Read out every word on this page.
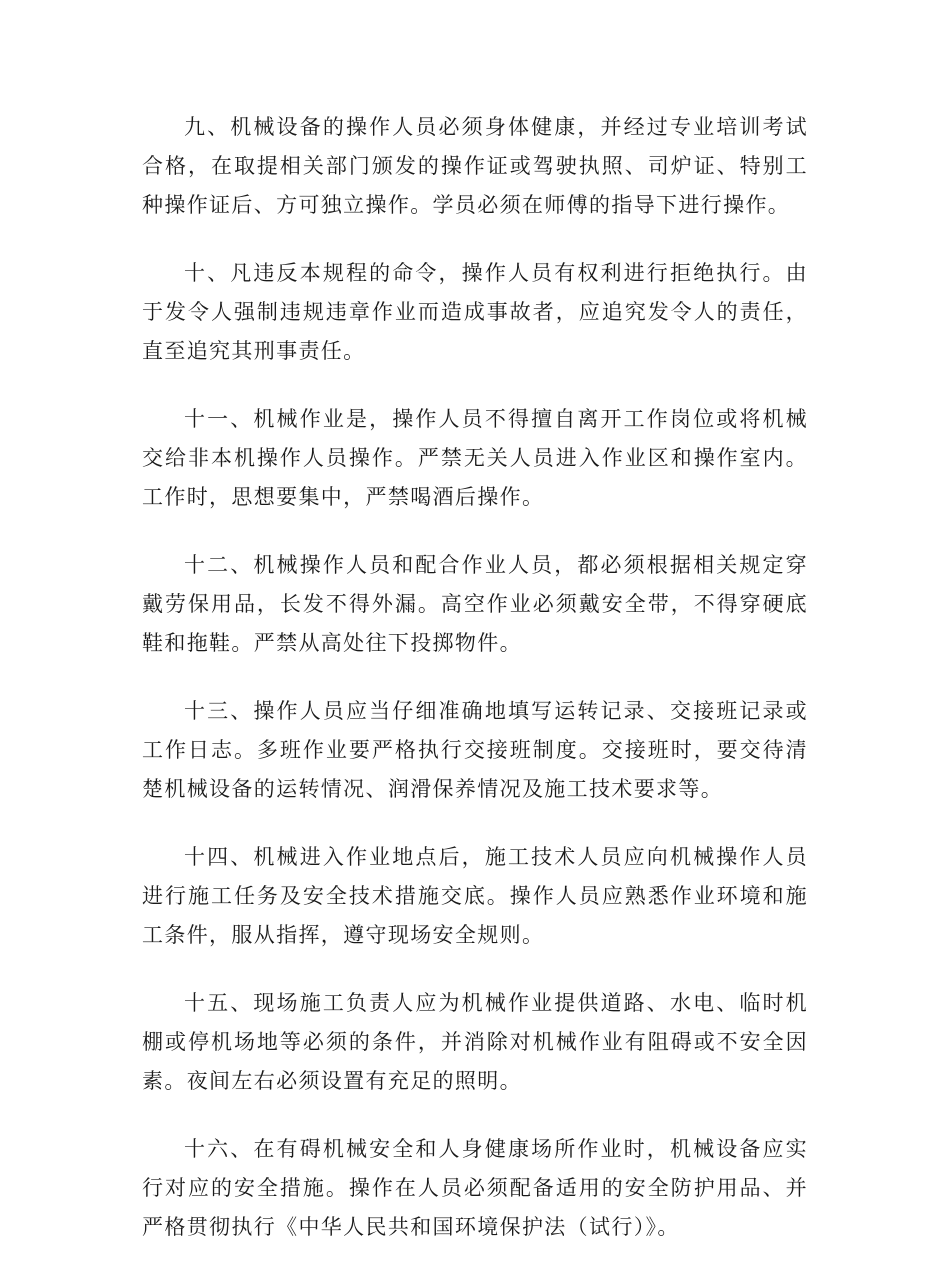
九、机械设备的操作人员必须身体健康，并经过专业培训考试合格，在取提相关部门颁发的操作证或驾驶执照、司炉证、特别工种操作证后、方可独立操作。学员必须在师傅的指导下进行操作。

十、凡违反本规程的命令，操作人员有权利进行拒绝执行。由于发令人强制违规违章作业而造成事故者，应追究发令人的责任，直至追究其刑事责任。

十一、机械作业是，操作人员不得擅自离开工作岗位或将机械交给非本机操作人员操作。严禁无关人员进入作业区和操作室内。工作时，思想要集中，严禁喝酒后操作。

十二、机械操作人员和配合作业人员，都必须根据相关规定穿戴劳保用品，长发不得外漏。高空作业必须戴安全带，不得穿硬底鞋和拖鞋。严禁从高处往下投掷物件。

十三、操作人员应当仔细准确地填写运转记录、交接班记录或工作日志。多班作业要严格执行交接班制度。交接班时，要交待清楚机械设备的运转情况、润滑保养情况及施工技术要求等。

十四、机械进入作业地点后，施工技术人员应向机械操作人员进行施工任务及安全技术措施交底。操作人员应熟悉作业环境和施工条件，服从指挥，遵守现场安全规则。

十五、现场施工负责人应为机械作业提供道路、水电、临时机棚或停机场地等必须的条件，并消除对机械作业有阻碍或不安全因素。夜间左右必须设置有充足的照明。

十六、在有碍机械安全和人身健康场所作业时，机械设备应实行对应的安全措施。操作在人员必须配备适用的安全防护用品、并严格贯彻执行《中华人民共和国环境保护法（试行）》。
